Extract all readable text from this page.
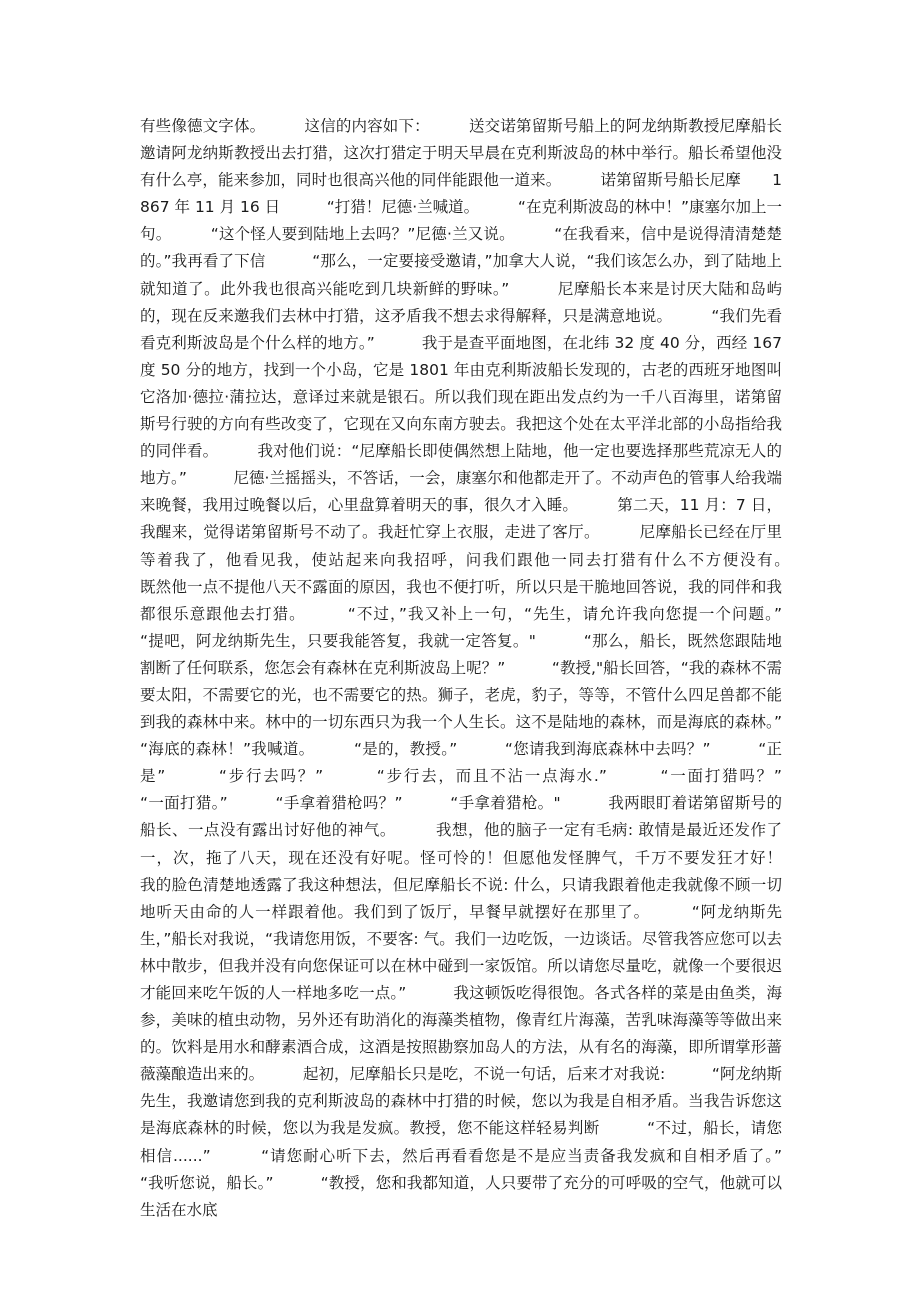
有些像德文字体。	这信的内容如下：	送交诺第留斯号船上的阿龙纳斯教授尼摩船长邀请阿龙纳斯教授出去打猎，这次打猎定于明天早晨在克利斯波岛的林中举行。船长希望他没有什么亭，能来参加，同时也很高兴他的同伴能跟他一道来。	诺第留斯号船长尼摩　　1867 年 11 月 16 日	“打猎！尼德·兰喊道。	“在克利斯波岛的林中！”康塞尔加上一句。	“这个怪人要到陆地上去吗？”尼德·兰又说。	“在我看来，信中是说得清清楚楚的。”我再看了下信	“那么，一定要接受邀请，”加拿大人说，“我们该怎么办，到了陆地上就知道了。此外我也很高兴能吃到几块新鲜的野味。”	尼摩船长本来是讨厌大陆和岛屿的，现在反来邀我们去林中打猎，这矛盾我不想去求得解释，只是满意地说。	“我们先看看克利斯波岛是个什么样的地方。”	我于是查平面地图，在北纬 32 度 40 分，西经 167 度 50 分的地方，找到一个小岛，它是 1801 年由克利斯波船长发现的，古老的西班牙地图叫它洛加·德拉·蒲拉达，意译过来就是银石。所以我们现在距出发点约为一千八百海里，诺第留斯号行驶的方向有些改变了，它现在又向东南方驶去。我把这个处在太平洋北部的小岛指给我的同伴看。	我对他们说：“尼摩船长即使偶然想上陆地，他一定也要选择那些荒凉无人的地方。”	尼德·兰摇摇头，不答话，一会，康塞尔和他都走开了。不动声色的管事人给我端来晚餐，我用过晚餐以后，心里盘算着明天的事，很久才入睡。	第二天，11 月：7 日，我醒来，觉得诺第留斯号不动了。我赶忙穿上衣服，走进了客厅。	尼摩船长已经在厅里等着我了，他看见我，使站起来向我招呼，问我们跟他一同去打猎有什么不方便没有。既然他一点不提他八天不露面的原因，我也不便打听，所以只是干脆地回答说，我的同伴和我都很乐意跟他去打猎。	“不过，”我又补上一句，“先生，请允许我向您提一个问题。”“提吧，阿龙纳斯先生，只要我能答复，我就一定答复。"	“那么，船长，既然您跟陆地割断了任何联系，您怎会有森林在克利斯波岛上呢？”	“教授,"船长回答，“我的森林不需要太阳，不需要它的光，也不需要它的热。狮子，老虎，豹子，等等，不管什么四足兽都不能到我的森林中来。林中的一切东西只为我一个人生长。这不是陆地的森林，而是海底的森林。”“海底的森林！”我喊道。	“是的，教授。”	“您请我到海底森林中去吗？”	“正是”	“步行去吗？”	“步行去，而且不沾一点海水.”	“一面打猎吗？”“一面打猎。”	“手拿着猎枪吗？”	“手拿着猎枪。"	我两眼盯着诺第留斯号的船长、一点没有露出讨好他的神气。	我想，他的脑子一定有毛病: 敢情是最近还发作了一，次，拖了八天，现在还没有好呢。怪可怜的！但愿他发怪脾气，千万不要发狂才好！我的脸色清楚地透露了我这种想法，但尼摩船长不说: 什么，只请我跟着他走我就像不顾一切地听天由命的人一样跟着他。我们到了饭厅，早餐早就摆好在那里了。	“阿龙纳斯先生，”船长对我说，“我请您用饭，不要客: 气。我们一边吃饭，一边谈话。尽管我答应您可以去林中散步，但我并没有向您保证可以在林中碰到一家饭馆。所以请您尽量吃，就像一个要很迟才能回来吃午饭的人一样地多吃一点。”	我这顿饭吃得很饱。各式各样的菜是由鱼类，海参，美味的植虫动物，另外还有助消化的海藻类植物，像青红片海藻，苦乳味海藻等等做出来的。饮料是用水和酵素酒合成，这酒是按照勘察加岛人的方法，从有名的海藻，即所谓掌形蔷薇藻酿造出来的。	起初，尼摩船长只是吃，不说一句话，后来才对我说:	“阿龙纳斯先生，我邀请您到我的克利斯波岛的森林中打猎的时候，您以为我是自相矛盾。当我告诉您这是海底森林的时候，您以为我是发疯。教授，您不能这样轻易判断	“不过，船长，请您相信......”	“请您耐心听下去，然后再看看您是不是应当责备我发疯和自相矛盾了。”“我听您说，船长。”	“教授，您和我都知道，人只要带了充分的可呼吸的空气，他就可以生活在水底
